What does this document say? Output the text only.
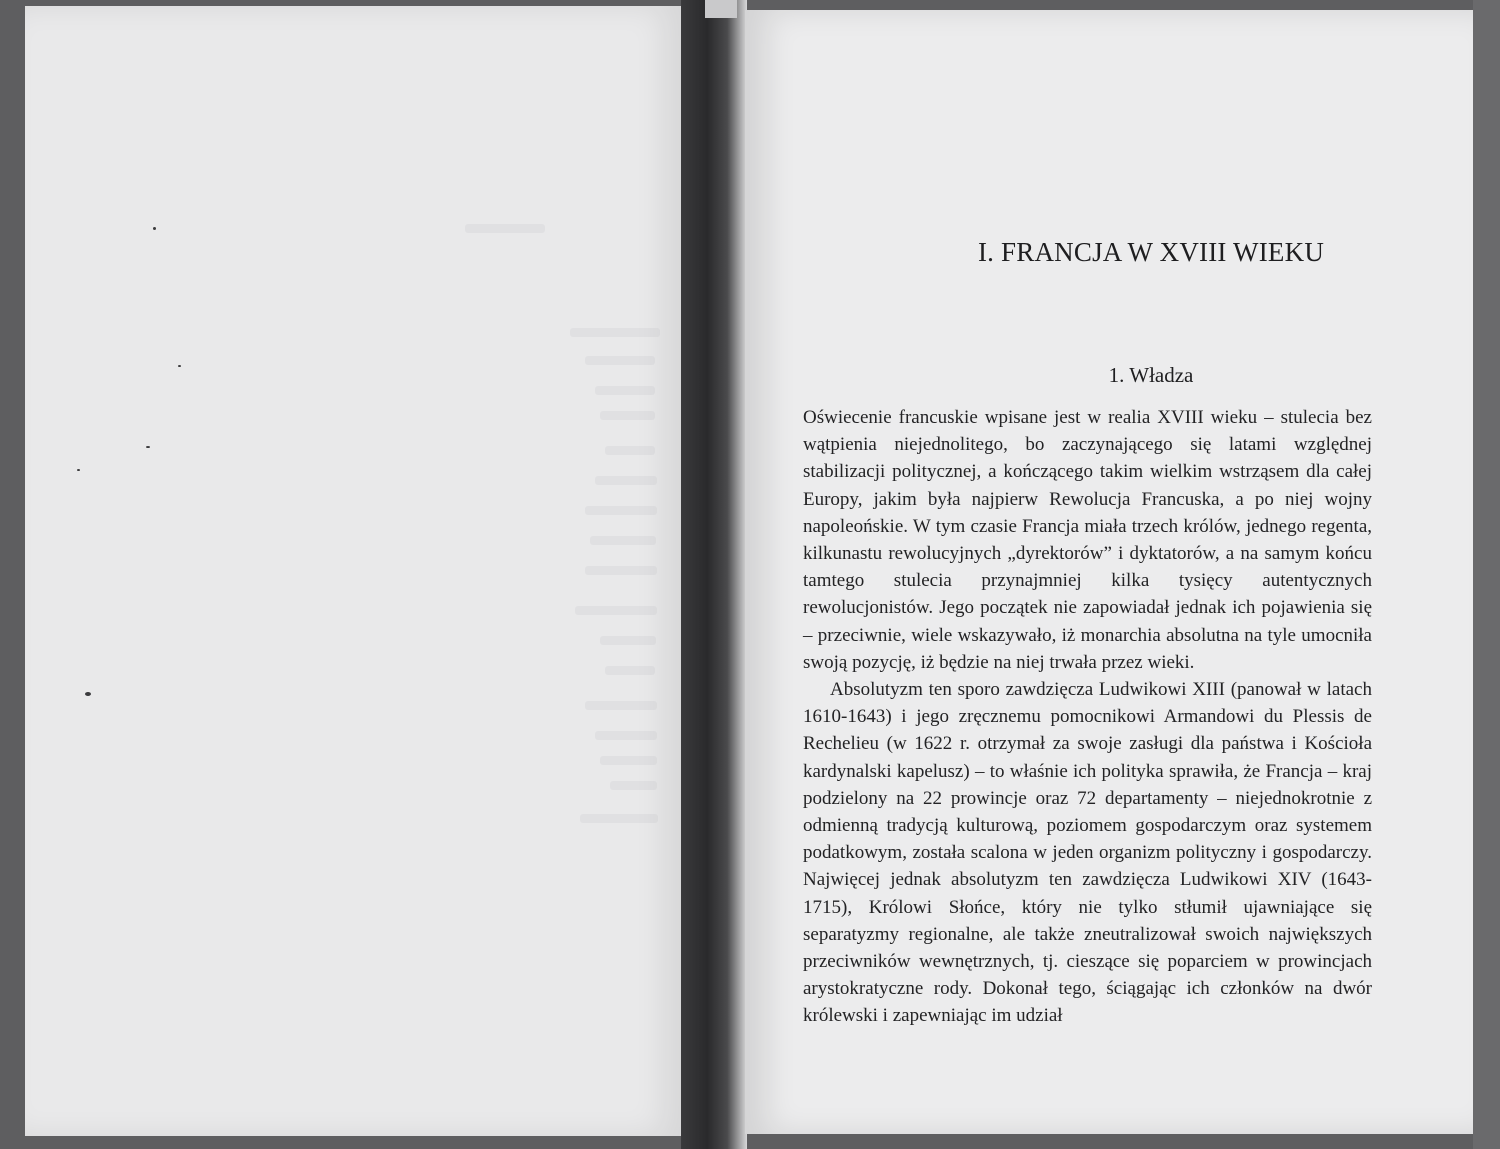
I. FRANCJA W XVIII WIEKU
1. Władza

Oświecenie francuskie wpisane jest w realia XVIII wieku – stulecia bez wątpienia niejednolitego, bo zaczynającego się latami względnej stabilizacji politycznej, a kończącego takim wielkim wstrząsem dla całej Europy, jakim była najpierw Rewolucja Francuska, a po niej wojny napoleońskie. W tym czasie Francja miała trzech królów, jednego regenta, kilkunastu rewolucyjnych „dyrektorów” i dyktatorów, a na samym końcu tamtego stulecia przynajmniej kilka tysięcy autentycznych rewolucjonistów. Jego początek nie zapowiadał jednak ich pojawienia się – przeciwnie, wiele wskazywało, iż monarchia absolutna na tyle umocniła swoją pozycję, iż będzie na niej trwała przez wieki.

Absolutyzm ten sporo zawdzięcza Ludwikowi XIII (panował w latach 1610-1643) i jego zręcznemu pomocnikowi Armandowi du Plessis de Rechelieu (w 1622 r. otrzymał za swoje zasługi dla państwa i Kościoła kardynalski kapelusz) – to właśnie ich polityka sprawiła, że Francja – kraj podzielony na 22 prowincje oraz 72 departamenty – niejednokrotnie z odmienną tradycją kulturową, poziomem gospodarczym oraz systemem podatkowym, została scalona w jeden organizm polityczny i gospodarczy. Najwięcej jednak absolutyzm ten zawdzięcza Ludwikowi XIV (1643-1715), Królowi Słońce, który nie tylko stłumił ujawniające się separatyzmy regionalne, ale także zneutralizował swoich największych przeciwników wewnętrznych, tj. cieszące się poparciem w prowincjach arystokratyczne rody. Dokonał tego, ściągając ich członków na dwór królewski i zapewniając im udział
